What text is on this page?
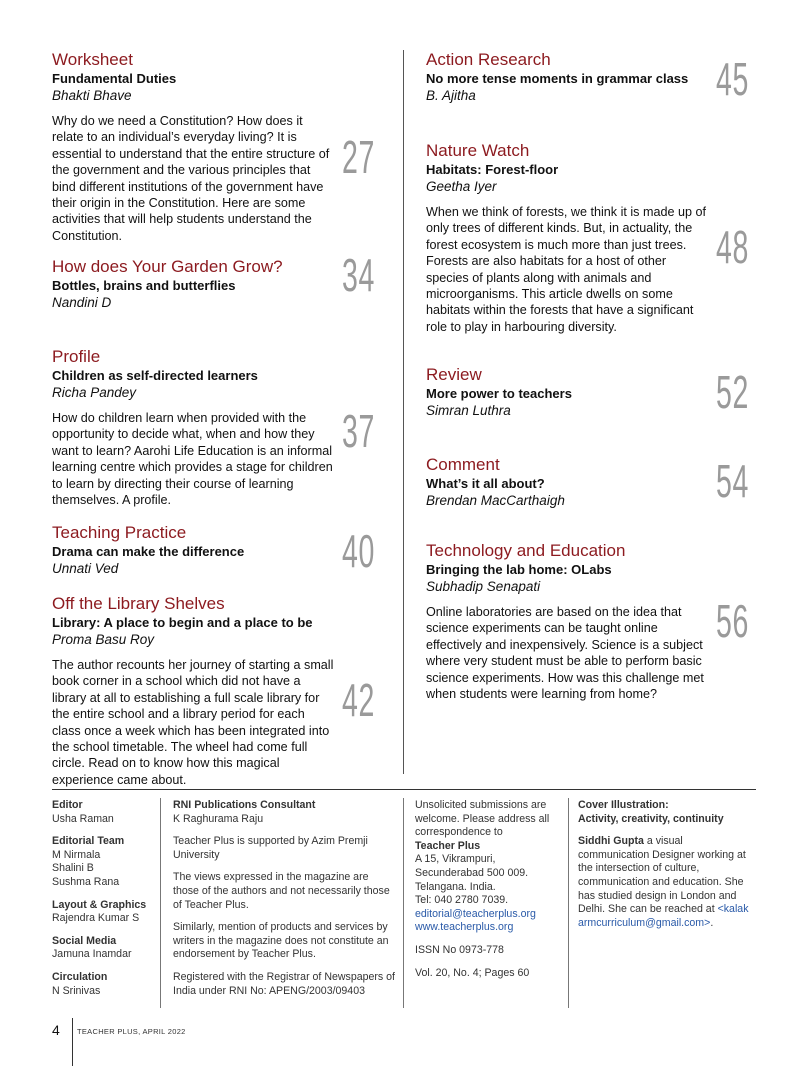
Worksheet
Fundamental Duties
Bhakti Bhave
Why do we need a Constitution? How does it relate to an individual’s everyday living? It is essential to understand that the entire structure of the government and the various principles that bind different institutions of the government have their origin in the Constitution. Here are some activities that will help students understand the Constitution.
27
How does Your Garden Grow?
Bottles, brains and butterflies
Nandini D
34
Profile
Children as self-directed learners
Richa Pandey
How do children learn when provided with the opportunity to decide what, when and how they want to learn? Aarohi Life Education is an informal learning centre which provides a stage for children to learn by directing their course of learning themselves. A profile.
37
Teaching Practice
Drama can make the difference
Unnati Ved	40
Off the Library Shelves
Library: A place to begin and a place to be
Proma Basu Roy
The author recounts her journey of starting a small book corner in a school which did not have a library at all to establishing a full scale library for the entire school and a library period for each class once a week which has been integrated into the school timetable. The wheel had come full circle. Read on to know how this magical experience came about.
42
Action Research
No more tense moments in grammar class
B. Ajitha	45
Nature Watch
Habitats: Forest-floor
Geetha Iyer
When we think of forests, we think it is made up of only trees of different kinds. But, in actuality, the forest ecosystem is much more than just trees. Forests are also habitats for a host of other species of plants along with animals and microorganisms. This article dwells on some habitats within the forests that have a significant role to play in harbouring diversity.
48
Review
More power to teachers
Simran Luthra	52
Comment
What’s it all about?
Brendan MacCarthaigh	54
Technology and Education
Bringing the lab home: OLabs
Subhadip Senapati
Online laboratories are based on the idea that science experiments can be taught online effectively and inexpensively. Science is a subject where very student must be able to perform basic science experiments. How was this challenge met when students were learning from home?
56

Editor
Usha Raman

Editorial Team
M Nirmala
Shalini B
Sushma Rana

Layout & Graphics
Rajendra Kumar S

Social Media
Jamuna Inamdar

Circulation
N Srinivas

RNI Publications Consultant
K Raghurama Raju

Teacher Plus is supported by Azim Premji University

The views expressed in the magazine are those of the authors and not necessarily those of Teacher Plus.

Similarly, mention of products and services by writers in the magazine does not constitute an endorsement by Teacher Plus.

Registered with the Registrar of Newspapers of India under RNI No: APENG/2003/09403

Unsolicited submissions are welcome. Please address all correspondence to
Teacher Plus
A 15, Vikrampuri,
Secunderabad 500 009.
Telangana. India.
Tel: 040 2780 7039.
editorial@teacherplus.org
www.teacherplus.org

ISSN No 0973-778

Vol. 20, No. 4; Pages 60

Cover Illustration:
Activity, creativity, continuity

Siddhi Gupta a visual communication Designer working at the intersection of culture, communication and education. She has studied design in London and Delhi. She can be reached at <kalakarmcurriculum@gmail.com>.

4 TEACHER PLUS, APRIL 2022
